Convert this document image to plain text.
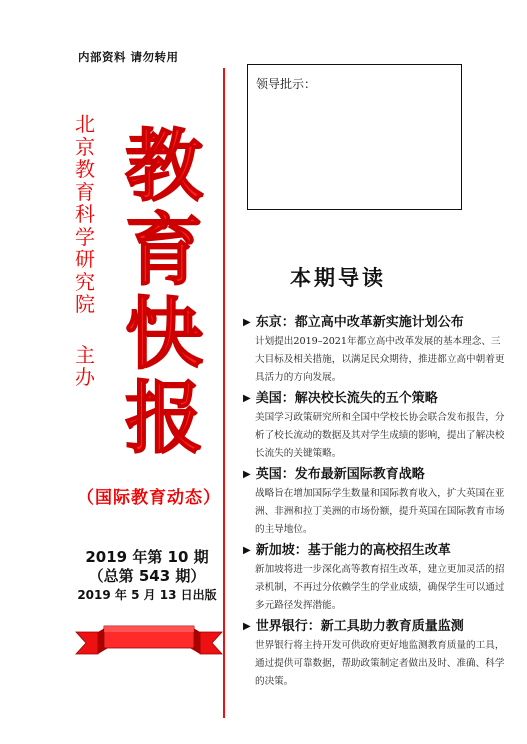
内部资料 请勿转用
北
京
教
育
科
学
研
究
院
主
办
教
育
快
报
（国际教育动态）
2019 年第 10 期
（总第 543 期）
2019 年 5 月 13 日出版
领导批示：
本期导读
▶ 东京：都立高中改革新实施计划公布
计划提出2019–2021年都立高中改革发展的基本理念、三大目标及相关措施，以满足民众期待，推进都立高中朝着更具活力的方向发展。
▶ 美国：解决校长流失的五个策略
美国学习政策研究所和全国中学校长协会联合发布报告，分析了校长流动的数据及其对学生成绩的影响，提出了解决校长流失的关键策略。
▶ 英国：发布最新国际教育战略
战略旨在增加国际学生数量和国际教育收入，扩大英国在亚洲、非洲和拉丁美洲的市场份额，提升英国在国际教育市场的主导地位。
▶ 新加坡：基于能力的高校招生改革
新加坡将进一步深化高等教育招生改革，建立更加灵活的招录机制，不再过分依赖学生的学业成绩，确保学生可以通过多元路径发挥潜能。
▶ 世界银行：新工具助力教育质量监测
世界银行将主持开发可供政府更好地监测教育质量的工具，通过提供可靠数据，帮助政策制定者做出及时、准确、科学的决策。
